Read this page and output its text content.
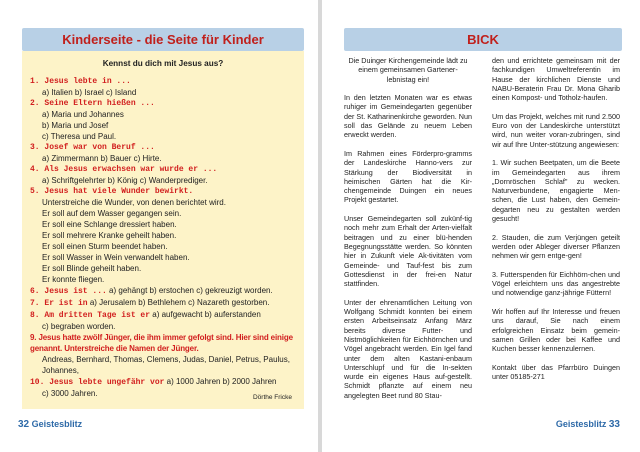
Kinderseite - die Seite für Kinder
Kennst du dich mit Jesus aus?
1. Jesus lebte in ...
a) Italien b) Israel c) Island
2. Seine Eltern hießen ...
a) Maria und Johannes
b) Maria und Josef
c) Theresa und Paul.
3. Josef war von Beruf ...
a) Zimmermann b) Bauer c) Hirte.
4. Als Jesus erwachsen war wurde er ...
a) Schriftgelehrter b) König c) Wanderprediger.
5. Jesus hat viele Wunder bewirkt.
Unterstreiche die Wunder, von denen berichtet wird.
Er soll auf dem Wasser gegangen sein.
Er soll eine Schlange dressiert haben.
Er soll mehrere Kranke geheilt haben.
Er soll einen Sturm beendet haben.
Er soll Wasser in Wein verwandelt haben.
Er soll Blinde geheilt haben.
Er konnte fliegen.
6. Jesus ist ... a) gehängt b) erstochen c) gekreuzigt worden.
7. Er ist in a) Jerusalem b) Bethlehem c) Nazareth gestorben.
8. Am dritten Tage ist er a) aufgewacht b) auferstanden
c) begraben worden.
9. Jesus hatte zwölf Jünger, die ihm immer gefolgt sind. Hier sind einige genannt. Unterstreiche die Namen der Jünger.
Andreas, Bernhard, Thomas, Clemens, Judas, Daniel, Petrus, Paulus, Johannes,
10. Jesus lebte ungefähr vor a) 1000 Jahren b) 2000 Jahren
c) 3000 Jahren.	Dörthe Fricke
32 Geistesblitz
BICK

Die Duinger Kirchengemeinde lädt zu einem gemeinsamen Gartener-lebnistag ein!

In den letzten Monaten war es etwas ruhiger im Gemeindegarten gegenüber der St. Katharinenkirche geworden. Nun soll das Gelände zu neuem Leben erweckt werden.

Im Rahmen eines Förderpro-gramms der Landeskirche Hanno-vers zur Stärkung der Biodiversität in heimischen Gärten hat die Kir-chengemeinde Duingen ein neues Projekt gestartet.

Unser Gemeindegarten soll zukünf-tig noch mehr zum Erhalt der Arten-vielfalt beitragen und zu einer blü-henden Begegnungsstätte werden. So könnten hier in Zukunft viele Ak-tivitäten vom Gemeinde- und Tauf-fest bis zum Gottesdienst in der frei-en Natur stattfinden.

Unter der ehrenamtlichen Leitung von Wolfgang Schmidt konnten bei einem ersten Arbeitseinsatz Anfang März bereits diverse Futter- und Nistmöglichkeiten für Eichhörnchen und Vögel angebracht werden. Ein Igel fand unter dem alten Kastani-enbaum Unterschlupf und für die In-sekten wurde ein eigenes Haus auf-gestellt. Schmidt pflanzte auf einem neu angelegten Beet rund 80 Stau-

den und errichtete gemeinsam mit der fachkundigen Umweltreferentin im Hause der kirchlichen Dienste und NABU-Beraterin Frau Dr. Mona Gharib einen Kompost- und Totholz-haufen.

Um das Projekt, welches mit rund 2.500 Euro von der Landeskirche unterstützt wird, nun weiter voran-zubringen, sind wir auf Ihre Unter-stützung angewiesen:

1. Wir suchen Beetpaten, um die Beete im Gemeindegarten aus ihrem „Dornröschen Schlaf" zu wecken. Naturverbundene, engagierte Men-schen, die Lust haben, den Gemein-degarten neu zu gestalten werden gesucht!

2. Stauden, die zum Verjüngen geteilt werden oder Ableger diverser Pflanzen nehmen wir gern entge-gen!

3. Futterspenden für Eichhörn-chen und Vögel erleichtern uns das angestrebte und notwendige ganz-jährige Füttern!

Wir hoffen auf Ihr Interesse und freuen uns darauf, Sie nach einem erfolgreichen Einsatz beim gemein-samen Grillen oder bei Kaffee und Kuchen besser kennenzulernen.

Kontakt über das Pfarrbüro Duingen unter 05185-271

Geistesblitz 33
